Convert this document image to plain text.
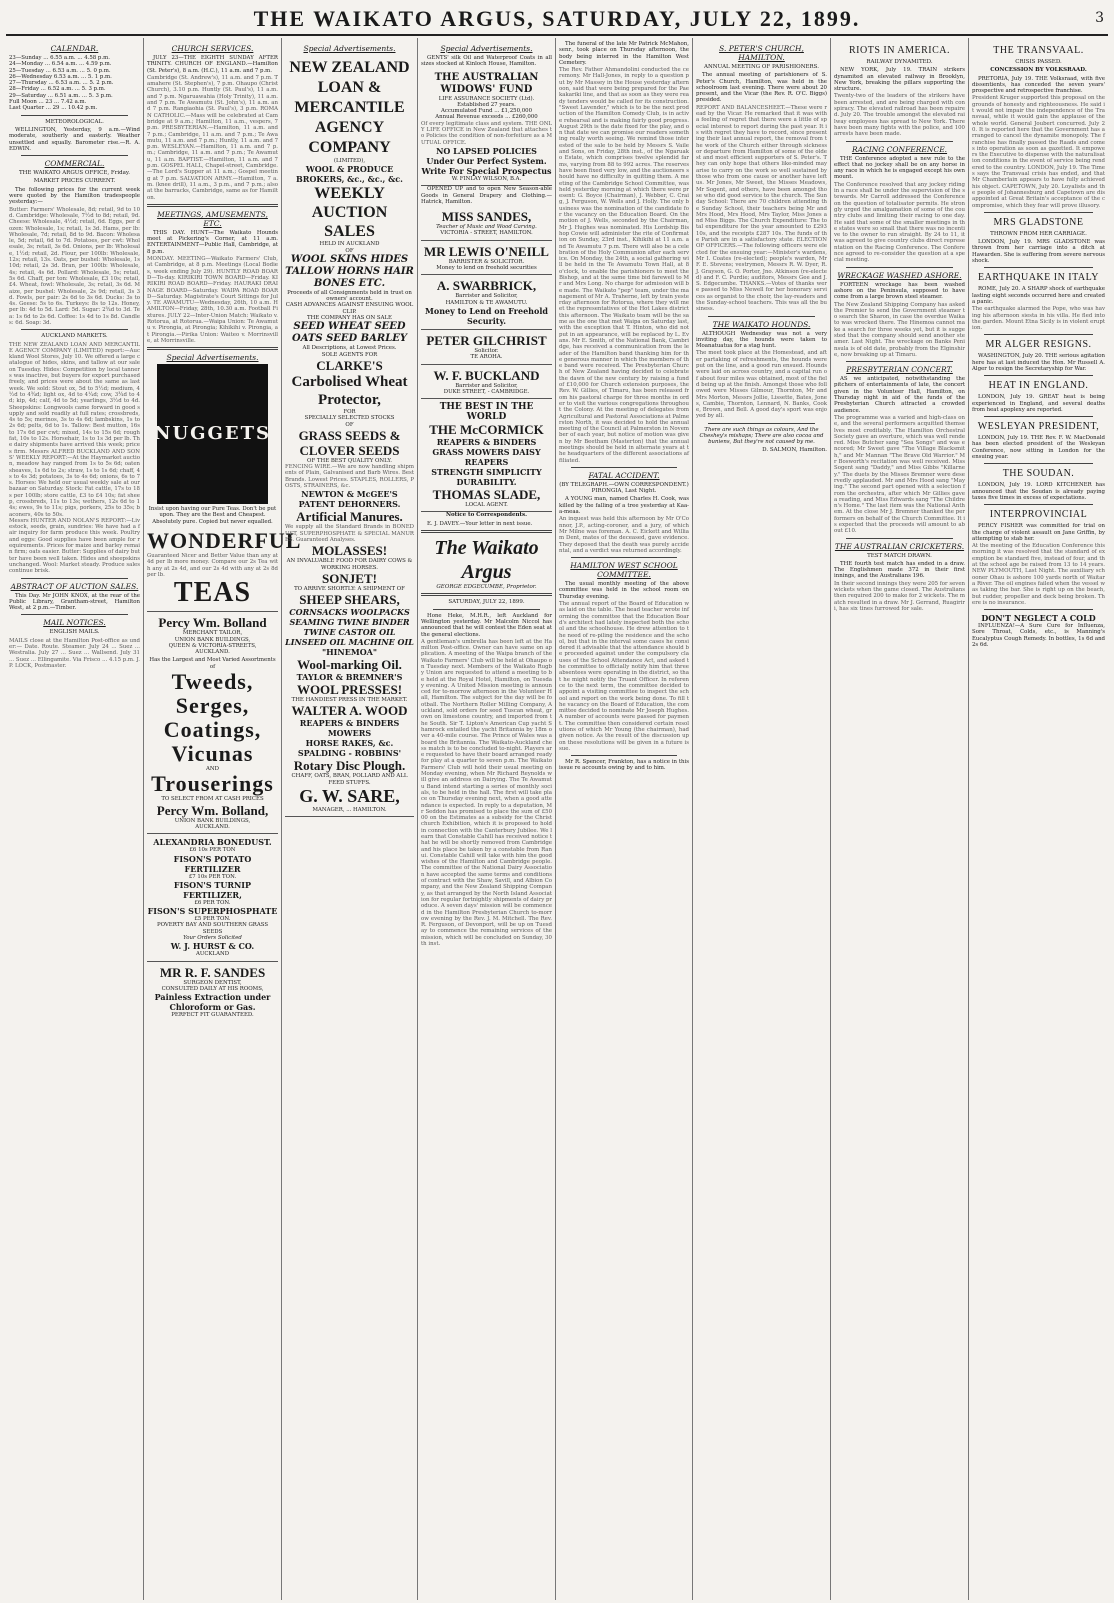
THE WAIKATO ARGUS, SATURDAY, JULY 22, 1899.	3
CALENDAR.
23—Sunday ... 6.55 a.m. ... 4.58 p.m.
24—Monday ... 6.54 a.m. ... 4.59 p.m.
25—Tuesday ... 6.53 a.m. ... 5. 0 p.m.
26—Wednesday 6.53 a.m. ... 5. 1 p.m.
27—Thursday ... 6.53 a.m. ... 5. 2 p.m.
28—Friday ... 6.52 a.m. ... 5. 3 p.m.
29—Saturday ... 6.51 a.m. ... 5. 3 p.m.
Full Moon ... 23 ... 7.42 a.m.
Last Quarter ... 29 ... 10.42 p.m.
METEOROLOGICAL.

WELLINGTON, Yesterday, 9 a.m.—Wind moderate, southerly and easterly. Weather unsettled and squally. Barometer rise.—R. A. EDWIN.

COMMERCIAL.
THE WAIKATO ARGUS OFFICE, Friday.
MARKET PRICES CURRENT.

The following prices for the current week were quoted by the Hamilton tradespeople yesterday:—

Butter: Farmers' Wholesale, 8d; retail, 9d to 10d. Cambridge: Wholesale, 7½d to 8d; retail, 9d. Cheese: Wholesale, 4½d; retail, 6d. Eggs, per dozen: Wholesale, 1s; retail, 1s 3d. Hams, per lb: Wholesale, 7d; retail, 8d to 9d. Bacon: Wholesale, 5d; retail, 6d to 7d. Potatoes, per cwt: Wholesale, 3s; retail, 3s 6d. Onions, per lb: Wholesale, 1½d; retail, 2d. Flour, per 100lb: Wholesale, 12s; retail, 13s. Oats, per bushel: Wholesale, 1s 10d; retail, 2s 3d. Bran, per 100lb: Wholesale, 4s; retail, 4s 6d. Pollard: Wholesale, 5s; retail, 5s 6d. Chaff, per ton: Wholesale, £3 10s; retail, £4. Wheat, fowl: Wholesale, 3s; retail, 3s 6d. Maize, per bushel: Wholesale, 2s 9d; retail, 3s 3d. Fowls, per pair: 2s 6d to 3s 6d. Ducks: 3s to 4s. Geese: 5s to 6s. Turkeys: 8s to 12s. Honey, per lb: 4d to 5d. Lard: 5d. Sugar: 2¾d to 3d. Tea: 1s 6d to 2s 6d. Coffee: 1s 4d to 1s 8d. Candles: 6d. Soap: 3d.
AUCKLAND MARKETS.
THE NEW ZEALAND LOAN AND MERCANTILE AGENCY COMPANY (LIMITED) report:—Auckland Wool Stores, July 10. We offered a large catalogue of hides, skins, and tallow at our sale on Tuesday. Hides: Competition by local tanners was inactive, but buyers for export purchased freely, and prices were about the same as last week. We sold: Stout ox, 5d to 5½d; medium, 4½d to 4¾d; light ox, 4d to 4¼d; cow, 3¾d to 4d; kip, 4d; calf, 4d to 5d; yearlings, 3½d to 4d. Sheepskins: Longwools came forward in good supply and sold readily at full rates; crossbreds, 4s to 5s; merinos, 3s to 4s 6d; lambskins, 1s to 2s 6d; pelts, 6d to 1s. Tallow: Best mutton, 16s to 17s 6d per cwt; mixed, 14s to 15s 6d; rough fat, 10s to 12s. Horsehair, 1s to 1s 3d per lb. The dairy shipments have arrived this week; prices firm. Messrs ALFRED BUCKLAND AND SONS' WEEKLY REPORT:—At the Haymarket auction, meadow hay ranged from 1s to 5s 6d; oaten sheaves, 1s 6d to 2s; straw, 1s to 1s 6d; chaff, 4s to 4s 3d; potatoes, 3s to 4s 6d; onions, 6s to 7s. Horses: We held our usual weekly sale at our bazaar on Saturday. Stock: Fat cattle, 17s to 18s per 100lb; store cattle, £3 to £4 10s; fat sheep, crossbreds, 11s to 13s; wethers, 12s 6d to 14s; ewes, 9s to 11s; pigs, porkers, 25s to 35s; baconers, 40s to 50s.
Messrs HUNTER AND NOLAN'S REPORT:—Livestock, seeds, grain, sundries: We have had a fair inquiry for farm produce this week. Poultry and eggs: Good supplies have been ample for requirements. Prices for maize and barley remain firm; oats easier. Butter: Supplies of dairy butter have been well taken. Hides and sheepskins unchanged. Wool: Market steady. Produce sales continue brisk.
ABSTRACT OF AUCTION SALES.

This Day. Mr JOHN KNOX, at the rear of the Public Library, Grantham-street, Hamilton West, at 2 p.m.—Timber.

MAIL NOTICES.
ENGLISH MAILS.
MAILS close at the Hamilton Post-office as under:— Date. Route. Steamer. July 24 ... Suez ... Westralia. July 27 ... Suez ... Wallsend. July 31 ... Suez ... Ellingamite. Via Frisco ... 4.15 p.m. J. P. LOCK, Postmaster.
CHURCH SERVICES.

JULY 23—THE EIGHTH SUNDAY AFTER TRINITY. CHURCH OF ENGLAND.—Hamilton (St. Peter's), 8 a.m. (H.C.), 11 a.m. and 7 p.m.

Cambridge (St. Andrew's), 11 a.m. and 7 p.m. Tamahere (St. Stephen's), 7 p.m. Ohaupo (Christ Church), 3.10 p.m. Huntly (St. Paul's), 11 a.m. and 7 p.m. Ngaruawahia (Holy Trinity), 11 a.m. and 7 p.m. Te Awamutu (St. John's), 11 a.m. and 7 p.m. Rangiaohia (St. Paul's), 3 p.m. ROMAN CATHOLIC.—Mass will be celebrated at Cambridge at 9 a.m.; Hamilton, 11 a.m., vespers, 7 p.m. PRESBYTERIAN.—Hamilton, 11 a.m. and 7 p.m.; Cambridge, 11 a.m. and 7 p.m.; Te Awamutu, 11 a.m. and 7 p.m.; Huntly, 11 a.m. and 7 p.m. WESLEYAN.—Hamilton, 11 a.m. and 7 p.m.; Cambridge, 11 a.m. and 7 p.m.; Te Awamutu, 11 a.m. BAPTIST.—Hamilton, 11 a.m. and 7 p.m. GOSPEL HALL, Chapel-street, Cambridge.—The Lord's Supper at 11 a.m.; Gospel meeting at 7 p.m. SALVATION ARMY.—Hamilton, 7 a.m. (knee drill), 11 a.m., 3 p.m., and 7 p.m.; also at the barracks, Cambridge, same as for Hamilton.
MEETINGS, AMUSEMENTS, ETC.

THIS DAY. HUNT—The Waikato Hounds meet at Pickering's Corner, at 11 a.m. ENTERTAINMENT—Public Hall, Cambridge, at 8 p.m.

MONDAY. MEETING—Waikato Farmers' Club, at Cambridge, at 8 p.m. Meetings (Local Bodies, week ending July 29). HUNTLY ROAD BOARD—To-day. KIRIKIRI TOWN BOARD—Friday. KIRIKIRI ROAD BOARD—Friday. HAURAKI DRAINAGE BOARD—Saturday. WAIPA ROAD BOARD—Saturday. Magistrate's Court Sittings for July. TE AWAMUTU—Wednesday, 26th, 10 a.m. HAMILTON—Friday, 28th, 10.30 a.m. Football Fixtures. JULY 22—Inter-Union Match: Waikato v. Rotorua, at Rotorua.—Waipa Union: Te Awamutu v. Pirongia, at Pirongia; Kihikihi v. Pirongia, at Pirongia.—Pirika Union: Waiteo v. Morrinsville, at Morrinsville.
Special Advertisements.
NUGGETS

Insist upon having our Pure Teas. Don't be put upon. They are the Best and Cheapest. Absolutely pure. Copied but never equalled.

WONDERFUL
Guaranteed Nicer and Better Value than any at 4d per lb more money. Compare our 2s Tea with any at 2s 4d, and our 2s 4d with any at 2s 8d per lb.
TEAS
Percy Wm. Bolland
MERCHANT TAILOR,
UNION BANK BUILDINGS,
QUEEN & VICTORIA-STREETS,
AUCKLAND.
Has the Largest and Most Varied Assortments of
Tweeds,
Serges,
Coatings,
Vicunas
AND
Trouserings
TO SELECT FROM AT CASH PRICES
Percy Wm. Bolland,
UNION BANK BUILDINGS,
AUCKLAND.
ALEXANDRIA BONEDUST.
£6 10s PER TON
FISON'S POTATO FERTILIZER
£7 10s PER TON.
FISON'S TURNIP FERTILIZER,
£6 PER TON.
FISON'S SUPERPHOSPHATE
£5 PER TON.
POVERTY BAY AND SOUTHERN GRASS SEEDS
Your Orders Solicited
W. J. HURST & CO.
AUCKLAND
MR R. F. SANDES
SURGEON DENTIST,
CONSULTED DAILY AT HIS ROOMS,
Painless Extraction under Chloroform or Gas.
PERFECT FIT GUARANTEED.
Special Advertisements.
NEW ZEALAND LOAN & MERCANTILE AGENCY COMPANY
(LIMITED),
WOOL & PRODUCE BROKERS, &c., &c., &c.
WEEKLY AUCTION SALES
HELD IN AUCKLAND
OF
WOOL SKINS HIDES TALLOW HORNS HAIR BONES ETC.
Proceeds of all Consignments held in trust on owners' account.
CASH ADVANCES AGAINST ENSUING WOOL CLIP.
THE COMPANY HAS ON SALE
SEED WHEAT SEED OATS SEED BARLEY
All Descriptions, at Lowest Prices.
SOLE AGENTS FOR
CLARKE'S
Carbolised Wheat Protector,
FOR
SPECIALLY SELECTED STOCKS
OF
GRASS SEEDS & CLOVER SEEDS
OF THE BEST QUALITY ONLY.
FENCING WIRE.—We are now handling shipments of Plain, Galvanised and Barb Wires. Best Brands. Lowest Prices. STAPLES, ROLLERS, POSTS, STRAINERS, &c.
NEWTON & McGEE'S
PATENT DEHORNERS.
Artificial Manures.
We supply all the Standard Brands in BONEDUST, SUPERPHOSPHATE & SPECIAL MANURES. Guaranteed Analyses.
MOLASSES!
AN INVALUABLE FOOD FOR DAIRY COWS & WORKING HORSES.
SONJET!
TO ARRIVE SHORTLY: A SHIPMENT OF
SHEEP SHEARS,
CORNSACKS WOOLPACKS SEAMING TWINE BINDER TWINE CASTOR OIL LINSEED OIL MACHINE OIL
"HINEMOA"
Wool-marking Oil.
TAYLOR & BREMNER'S
WOOL PRESSES!
THE HANDIEST PRESS IN THE MARKET.
WALTER A. WOOD
REAPERS & BINDERS
MOWERS
HORSE RAKES, &c.
SPALDING - ROBBINS'
Rotary Disc Plough.
CHAFF, OATS, BRAN, POLLARD AND ALL FEED STUFFS.
G. W. SARE,
MANAGER, ... HAMILTON.
Special Advertisements.

GENTS' silk Oil and Waterproof Coats in all sizes stocked at Kinloch House, Hamilton.

THE AUSTRALIAN WIDOWS' FUND
LIFE ASSURANCE SOCIETY (Ltd).
Established 27 years.
Accumulated Fund ... £1,250,000
Annual Revenue exceeds ... £260,000
Of every legitimate class and system. THE ONLY LIFE OFFICE in New Zealand that attaches to Policies the condition of non-forfeiture as a MUTUAL OFFICE.
NO LAPSED POLICIES Under Our Perfect System.
Write For Special Prospectus
W. FINLAY WILSON, B.A.

OPENED UP and to open New Season-able Goods in General Drapery and Clothing.—Hatrick, Hamilton.

MISS SANDES,
Teacher of Music and Wood Carving.
VICTORIA - STREET, HAMILTON.
MR LEWIS O'NEILL
BARRISTER & SOLICITOR.
Money to lend on freehold securities
A. SWARBRICK,
Barrister and Solicitor,
HAMILTON & TE AWAMUTU.
Money to Lend on Freehold Security.
PETER GILCHRIST
Solicitor.
TE AROHA.
W. F. BUCKLAND
Barrister and Solicitor,
DUKE STREET, - CAMBRIDGE.
THE BEST IN THE WORLD
THE McCORMICK
REAPERS & BINDERS GRASS MOWERS DAISY REAPERS
STRENGTH SIMPLICITY DURABILITY.
THOMAS SLADE,
LOCAL AGENT.
Notice to Correspondents.

E. J. DAVEY.—Your letter in next issue.

The Waikato Argus
GEORGE EDGECUMBE, Proprietor.
SATURDAY, JULY 22, 1899.

Hone Heke, M.H.R., left Auckland for Wellington yesterday. Mr Malcolm Niccol has announced that he will contest the Eden seat at the general elections.

A gentleman's umbrella has been left at the Hamilton Post-office. Owner can have same on application. A meeting of the Waipa branch of the Waikato Farmers' Club will be held at Ohaupo on Tuesday next. Members of the Waikato Rugby Union are requested to attend a meeting to be held at the Royal Hotel, Hamilton, on Tuesday evening. A United Mission meeting is announced for to-morrow afternoon in the Volunteer Hall, Hamilton. The subject for the day will be football. The Northern Roller Milling Company, Auckland, sold orders for seed Tuscan wheat, grown on limestone country, and imported from the South. Sir T. Lipton's American Cup yacht Shamrock entailed the yacht Britannia by 18m over a 40-mile course. The Prince of Wales was aboard the Britannia. The Waikato-Auckland chess match is to be concluded to-night. Players are requested to have their board arranged ready for play at a quarter to seven p.m. The Waikato Farmers' Club will hold their usual meeting on Monday evening, when Mr Richard Reynolds will give an address on Dairying. The Te Awamutu Band intend starting a series of monthly socials, to be held in the hall. The first will take place on Thursday evening next, when a good attendance is expected. In reply to a deputation, Mr Seddon has promised to place the sum of £5000 on the Estimates as a subsidy for the Christchurch Exhibition, which it is proposed to hold in connection with the Canterbury Jubilee. We learn that Constable Cahill has received notice that he will be shortly removed from Cambridge and his place be taken by a constable from Ranui. Constable Cahill will take with him the good wishes of the Hamilton and Cambridge people. The committee of the National Dairy Association have accepted the same terms and conditions of contract with the Shaw, Savill, and Albion Company, and the New Zealand Shipping Company, as that arranged by the North Island Association for regular fortnightly shipments of dairy produce. A seven days' mission will be commenced in the Hamilton Presbyterian Church to-morrow evening by the Rev. J. M. Mitchell. The Rev. R. Ferguson, of Devonport, will be up on Tuesday to commence the remaining services of the mission, which will be concluded on Sunday, 30th inst.

The funeral of the late Mr Patrick McMahon, senr., took place on Thursday afternoon, the body being interred in the Hamilton West Cemetery.

The Rev. Father Ahmandolini conducted the ceremony. Mr Hall-Jones, in reply to a question put by Mr Massey in the House yesterday afternoon, said that were being prepared for the Paekakariki line, and that as soon as they were ready tenders would be called for its construction. "Sweet Lavender," which is to be the next production of the Hamilton Comedy Club, is in active rehearsal and is making fairly good progress. August 29th is the date fixed for the play, and on that date we can promise our readers something really worth seeing. We remind those interested of the sale to be held by Messrs S. Vaile and Sons, on Friday, 28th inst., of the Ngaruako Estate, which comprises twelve splendid farms, varying from 88 to 992 acres. The reserves have been fixed very low, and the auctioneers should have no difficulty in quitting them. A meeting of the Cambridge School Committee, was held yesterday morning at which there were present: G. Boyce (Chairman), J. Webber, C. Craig, J. Ferguson, W. Wells and J. Holly. The only business was the nomination of the candidate for the vacancy on the Education Board. On the motion of J. Wells, seconded by the Chairman, Mr J. Hughes was nominated. His Lordship Bishop Cowie will administer the rite of Confirmation on Sunday, 23rd inst., Kihikihi at 11 a.m. and Te Awamutu 7 p.m. There will also be a celebration of the Holy Communion after each service. On Monday, the 24th, a social gathering will be held in the Te Awamutu Town Hall, at 8 o'clock, to enable the parishioners to meet the Bishop, and at the same time bid farewell to Mr and Mrs Long. No charge for admission will be made. The Waikato "pep" team, under the management of Mr A. Traherne, left by train yesterday afternoon for Rotorua, where they will meet the representatives of the Hot Lakes district this afternoon. The Waikato team will be the same as the one that met Waipa on Saturday last, with the exception that T. Hinton, who did not put in an appearance, will be replaced by L. Evans. Mr E. Smith, of the National Bank, Cambridge, has received a communication from the leader of the Hamilton band thanking him for the generous manner in which the members of the band were received. The Presbyterian Church of New Zealand having decided to celebrate the dawn of the new century by raising a fund of £10,000 for Church extension purposes, the Rev. W. Gillies, of Timaru, has been released from his pastoral charge for three months in order to visit the various congregations throughout the Colony. At the meeting of delegates from Agricultural and Pastoral Associations at Palmerston North, it was decided to hold the annual meeting of the Council at Palmerston in November of each year, but notice of motion was given by Mr Beetham (Masterton) that the annual meetings should be held in alternate years at the headquarters of the different associations affiliated.
FATAL ACCIDENT.
(BY TELEGRAPH.—OWN CORRESPONDENT.) PIRONGIA, Last Night.

A YOUNG man, named Charles H. Cook, was killed by the falling of a tree yesterday at Kaa-a-meaa.

An inquest was held this afternoon by Mr O'Connor, J.P., acting-coroner, and a jury, of which Mr Milne was foreman. A. C. Eickett and William Dent, mates of the deceased, gave evidence. They deposed that the death was purely accidental, and a verdict was returned accordingly.
HAMILTON WEST SCHOOL COMMITTEE.

The usual monthly meeting of the above committee was held in the school room on Thursday evening.

The annual report of the Board of Education was laid on the table. The head teacher wrote informing the committee that the Education Board's architect had lately inspected both the school and the schoolhouse. He drew attention to the need of re-piling the residence and the school, but that in the interval some cases he considered it advisable that the attendance should be proceeded against under the compulsory clauses of the School Attendance Act, and asked the committee to officially notify him that three absentees were operating in the district, so that he might notify the Truant Officer. In reference to the next term, the committee decided to appoint a visiting committee to inspect the school and report on the work being done. To fill the vacancy on the Board of Education, the committee decided to nominate Mr Joseph Hughes. A number of accounts were passed for payment. The committee then considered certain resolutions of which Mr Young (the chairman), had given notice. As the result of the discussion upon these resolutions will be given in a future issue.

Mr R. Spencer, Frankton, has a notice in this issue re accounts owing by and to him.

S. PETER'S CHURCH, HAMILTON.
ANNUAL MEETING OF PARISHIONERS.

The annual meeting of parishioners of S. Peter's Church, Hamilton, was held in the schoolroom last evening. There were about 20 present, and the Vicar (the Rev. R. O'C. Biggs) presided.

REPORT AND BALANCESHEET.—These were read by the Vicar. He remarked that it was with a feeling of regret that there were a little of special interest to report during the past year. It is with regret they have to record, since presenting their last annual report, the removal from the work of the Church either through sickness or departure from Hamilton of some of the oldest and most efficient supporters of S. Peter's. They can only hope that others like-minded may arise to carry on the work so well sustained by those who from one cause or another have left us. Mr Jones, Mr Sweet, the Misses Meadows, Mr Sogent, and others, have been amongst those who did good service to the church. The Sunday School: There are 70 children attending the Sunday School, their teachers being Mr and Mrs Hood, Mrs Hood, Mrs Taylor, Miss Jones and Miss Biggs. The Church Expenditure: The total expenditure for the year amounted to £293 10s, and the receipts £287 10s. The funds of the Parish are in a satisfactory state. ELECTION OF OFFICERS.—The following officers were elected for the ensuing year:—Minister's wardens, Mr I. Coates (re-elected); people's warden, Mr F. E. Stevens; vestrymen, Messrs R. W. Dyer, R. J. Grayson, G. O. Porter, Jno. Atkinson (re-elected) and F. C. Purdie; auditors, Messrs Gee and J. S. Edgecumbe. THANKS.—Votes of thanks were passed to Miss Newell for her honorary services as organist to the choir, the lay-readers and the Sunday-school teachers. This was all the business.
THE WAIKATO HOUNDS.

ALTHOUGH Wednesday was not a very inviting day, the hounds were taken to Moanatuatua for a stag hunt.

The meet took place at the Homestead, and after partaking of refreshments, the hounds were put on the line, and a good run ensued. Hounds were laid on across country, and a capital run of about four miles was obtained, most of the field being up at the finish. Amongst those who followed were Misses Gilmour, Thornton, Mr and Mrs Morton, Messrs Jollie, Lissette, Bates, Jones, Cambie, Thornton, Lennard, N. Banks, Cooke, Brown, and Bell. A good day's sport was enjoyed by all.

There are such things as colours, And the Cheshey's mishaps; There are also cocoa and buniens, But they're not caused by me.

D. SALMON, Hamilton.
RIOTS IN AMERICA.
RAILWAY DYNAMITED.

NEW YORK, July 19. TRAIN strikers dynamited an elevated railway in Brooklyn, New York, breaking the pillars supporting the structure.

Twenty-two of the leaders of the strikers have been arrested, and are being charged with conspiracy. The elevated railroad has been repaired. July 20. The trouble amongst the elevated railway employees has spread to New York. There have been many fights with the police, and 100 arrests have been made.
RACING CONFERENCE.

THE Conference adopted a new rule to the effect that no jockey shall be on any horse in any race in which he is engaged except his own mount.

The Conference resolved that any jockey riding in a race shall be under the supervision of the stewards. Mr Carroll addressed the Conference on the question of totalisator permits. He strongly urged the amalgamation of some of the country clubs and limiting their racing to one day. He said that some of the smaller meetings in the states were so small that there was no incentive to the owner to run straight. By 24 to 11, it was agreed to give country clubs direct representation on the Racing Conference. The Conference agreed to re-consider the question at a special meeting.
WRECKAGE WASHED ASHORE.

FORTEEN wreckage has been washed ashore on the Peninsula, supposed to have come from a large brown steel steamer.

The New Zealand Shipping Company has asked the Premier to send the Government steamer to search the Sharon, in case the overdue Waikato was wrecked there. The Hinemoa cannot make a search for three weeks yet, but it is suggested that the company should send another steamer. Last Night. The wreckage on Banks Peninsula is of old date, probably from the Elginshire, now breaking up at Timaru.
PRESBYTERIAN CONCERT.

AS we anticipated, notwithstanding the pitchers of entertainments of late, the concert given in the Volunteer Hall, Hamilton, on Thursday night in aid of the funds of the Presbyterian Church attracted a crowded audience.

The programme was a varied and high-class one, and the several performers acquitted themselves most creditably. The Hamilton Orchestral Society gave an overture, which was well rendered. Miss Butcher sang "Sea Songs" and was encored; Mr Sweet gave "The Village Blacksmith," and Mr Mannan "The Brave Old Warrior." Mr Bosworth's recitation was well received. Miss Sogent sang "Daddy," and Miss Gibbs "Killarney." The duets by the Misses Bremner were deservedly applauded. Mr and Mrs Hood sang "Maying." The second part opened with a selection from the orchestra, after which Mr Gillies gave a reading, and Miss Edwards sang "The Children's Home." The last item was the National Anthem. At the close Mr J. Bremner thanked the performers on behalf of the Church Committee. It is expected that the proceeds will amount to about £10.
THE AUSTRALIAN CRICKETERS.
TEST MATCH DRAWN.

THE fourth test match has ended in a draw. The Englishmen made 372 in their first innings, and the Australians 196.

In their second innings they were 205 for seven wickets when the game closed. The Australians then required 200 to make for 2 wickets. The match resulted in a draw. Mr J. Gerrand, Ruagiriri, has six tines furrowed for sale.
THE TRANSVAAL.
CRISIS PASSED.
CONCESSION BY VOLKSRAAD.

PRETORIA, July 19. THE Volksraad, with five dissentients, has conceded the seven years' prospective and retrospective franchise.

President Kruger supported this proposal on the grounds of honesty and righteousness. He said it would not impair the independence of the Transvaal, while it would gain the applause of the whole world. General Joubert concurred. July 20. It is reported here that the Government has arranged to cancel the dynamite monopoly. The franchise has finally passed the Raads and comes into operation as soon as gazetted. It empowers the Executive to dispense with the naturalisation conditions in the event of service being rendered to the country. LONDON, July 19. The Times says the Transvaal crisis has ended, and that Mr Chamberlain appears to have fully achieved his object. CAPETOWN, July 20. Loyalists and the people of Johannesburg and Capetown are disappointed at Great Britain's acceptance of the compromise, which they fear will prove illusory.
MRS GLADSTONE
THROWN FROM HER CARRIAGE.

LONDON, July 19. MRS GLADSTONE was thrown from her carriage into a ditch at Hawarden. She is suffering from severe nervous shock.

EARTHQUAKE IN ITALY

ROME, July 20. A SHARP shock of earthquake lasting eight seconds occurred here and created a panic.

The earthquake alarmed the Pope, who was having his afternoon siesta in his villa. He fled into the garden. Mount Etna Sicily is in violent eruption.
MR ALGER RESIGNS.

WASHINGTON, July 20. THE serious agitation here has at last induced the Hon. Mr Russell A. Alger to resign the Secretaryship for War.

HEAT IN ENGLAND.

LONDON, July 19. GREAT heat is being experienced in England, and several deaths from heat apoplexy are reported.

WESLEYAN PRESIDENT,

LONDON, July 19. THE Rev. F. W. MacDonald has been elected president of the Wesleyan Conference, now sitting in London for the ensuing year.

THE SOUDAN.

LONDON, July 19. LORD KITCHENER has announced that the Soudan is already paying taxes five times in excess of expectations.

INTERPROVINCIAL

PERCY FISHER was committed for trial on the charge of violent assault on Jane Griffin, by attempting to stab her.

At the meeting of the Education Conference this morning it was resolved that the standard of exemption be standard five, instead of four, and that the school age be raised from 13 to 14 years. NEW PLYMOUTH, Last Night. The auxiliary schooner Ohau is ashore 100 yards north of Waitara River. The oil engines failed when the vessel was taking the bar. She is right up on the beach, but rudder, propeller and deck being broken. There is no insurance.
DON'T NEGLECT A COLD

INFLUENZA!—A Sure Cure for Influenza, Sore Throat, Colds, etc., is Manning's Eucalyptus Cough Remedy. In bottles, 1s 6d and 2s 6d.
